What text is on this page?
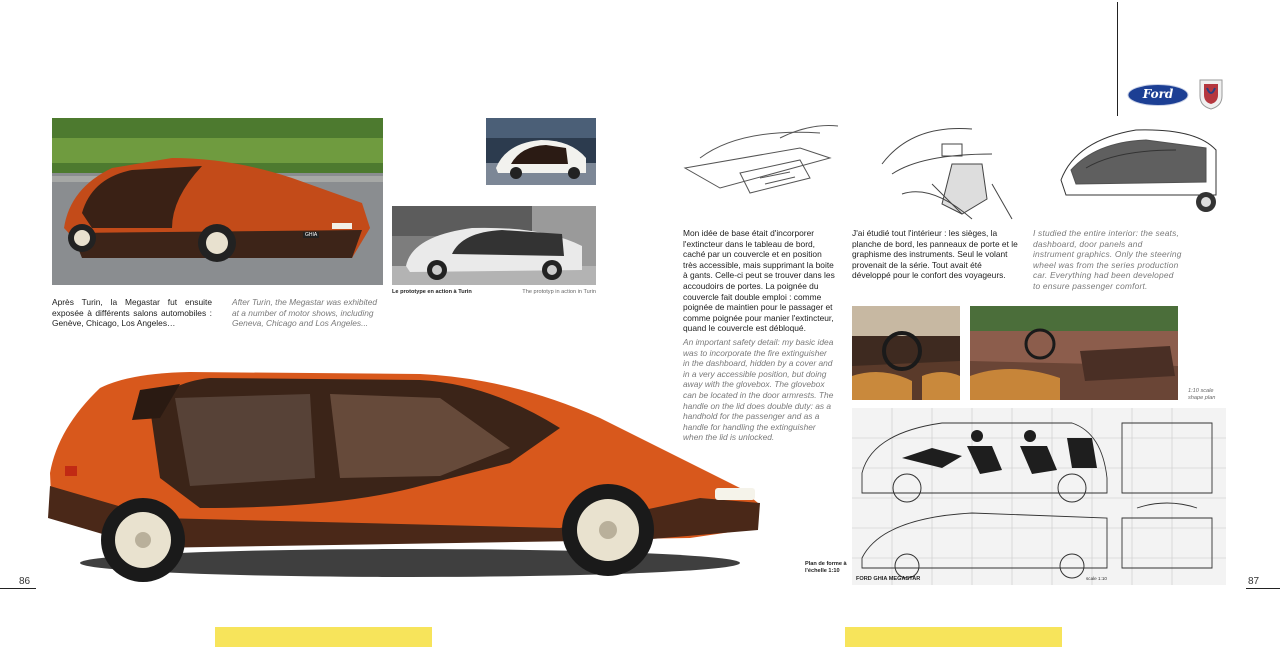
GHIA
Après Turin, la Megastar fut ensuite exposée à différents salons automobiles : Genève, Chicago, Los Angeles…
After Turin, the Megastar was exhibited at a number of motor shows, including Geneva, Chicago and Los Angeles...
Le prototype en action à Turin	The prototyp in action in Turin
86
Ford
Mon idée de base était d'incorporer l'extincteur dans le tableau de bord, caché par un couvercle et en position très accessible, mais supprimant la boite à gants. Celle-ci peut se trouver dans les accoudoirs de portes. La poignée du couvercle fait double emploi : comme poignée de maintien pour le passager et comme poignée pour manier l'extincteur, quand le couvercle est débloqué.
An important safety detail: my basic idea was to incorporate the fire extinguisher in the dashboard, hidden by a cover and in a very accessible position, but doing away with the glovebox. The glovebox can be located in the door armrests. The handle on the lid does double duty: as a handhold for the passenger and as a handle for handling the extinguisher when the lid is unlocked.
J'ai étudié tout l'intérieur : les sièges, la planche de bord, les panneaux de porte et le graphisme des instruments. Seul le volant provenait de la série. Tout avait été développé pour le confort des voyageurs.
I studied the entire interior: the seats, dashboard, door panels and instrument graphics. Only the steering wheel was from the series production car. Everything had been developed to ensure passenger comfort.
1:10 scale shape plan
FORD GHIA MEGASTAR	scale 1:10
Plan de forme à l'échelle 1:10
87
